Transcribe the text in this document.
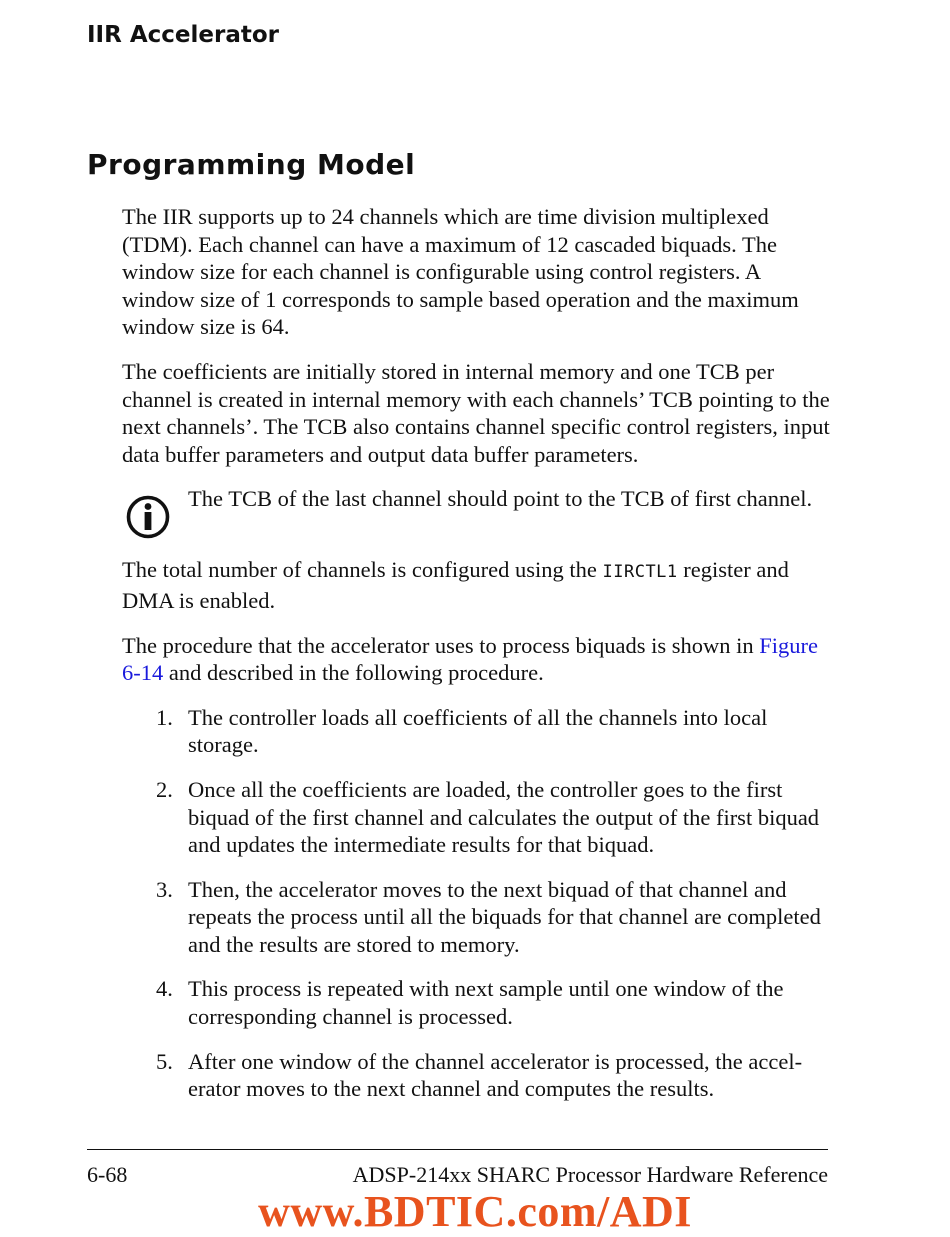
IIR Accelerator
Programming Model

The IIR supports up to 24 channels which are time division multiplexed (TDM). Each channel can have a maximum of 12 cascaded biquads. The window size for each channel is configurable using control registers. A window size of 1 corresponds to sample based operation and the maximum window size is 64.

The coefficients are initially stored in internal memory and one TCB per channel is created in internal memory with each channels’ TCB pointing to the next channels’. The TCB also contains channel specific control registers, input data buffer parameters and output data buffer parameters.

The TCB of the last channel should point to the TCB of first channel.

The total number of channels is configured using the IIRCTL1 register and DMA is enabled.

The procedure that the accelerator uses to process biquads is shown in Figure 6-14 and described in the following procedure.

1. The controller loads all coefficients of all the channels into local storage.
2. Once all the coefficients are loaded, the controller goes to the first biquad of the first channel and calculates the output of the first biquad and updates the intermediate results for that biquad.
3. Then, the accelerator moves to the next biquad of that channel and repeats the process until all the biquads for that channel are completed and the results are stored to memory.
4. This process is repeated with next sample until one window of the corresponding channel is processed.
5. After one window of the channel accelerator is processed, the accelerator moves to the next channel and computes the results.
6-68	ADSP-214xx SHARC Processor Hardware Reference
www.BDTIC.com/ADI
